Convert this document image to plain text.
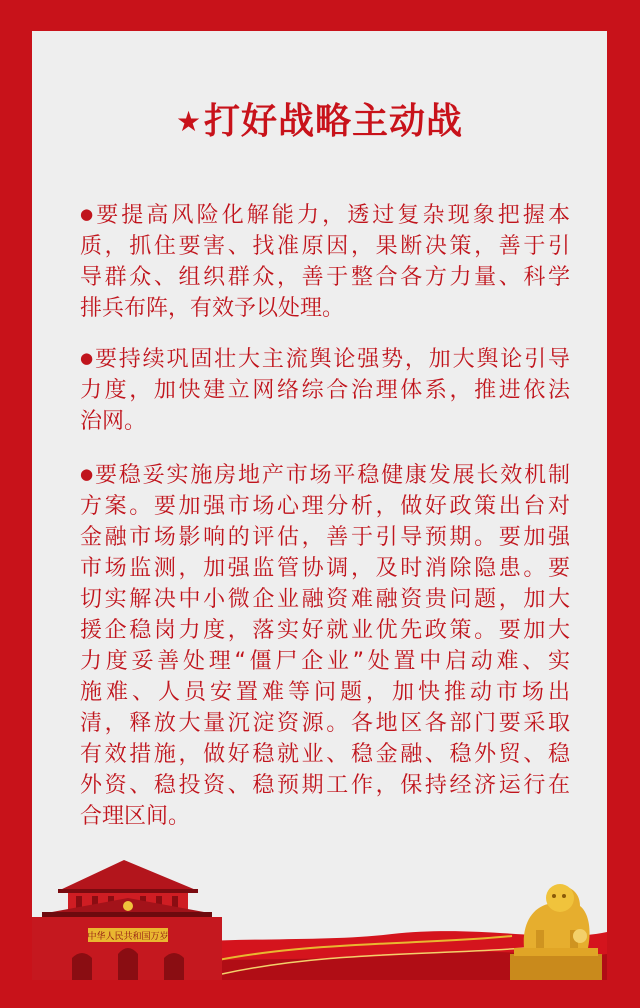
★打好战略主动战

●要提高风险化解能力，透过复杂现象把握本
质，抓住要害、找准原因，果断决策，善于引
导群众、组织群众，善于整合各方力量、科学
排兵布阵，有效予以处理。

●要持续巩固壮大主流舆论强势，加大舆论引导
力度，加快建立网络综合治理体系，推进依法
治网。

●要稳妥实施房地产市场平稳健康发展长效机制
方案。要加强市场心理分析，做好政策出台对
金融市场影响的评估，善于引导预期。要加强
市场监测，加强监管协调，及时消除隐患。要
切实解决中小微企业融资难融资贵问题，加大
援企稳岗力度，落实好就业优先政策。要加大
力度妥善处理“僵尸企业”处置中启动难、实
施难、人员安置难等问题，加快推动市场出
清，释放大量沉淀资源。各地区各部门要采取
有效措施，做好稳就业、稳金融、稳外贸、稳
外资、稳投资、稳预期工作，保持经济运行在
合理区间。

中华人民共和国万岁
